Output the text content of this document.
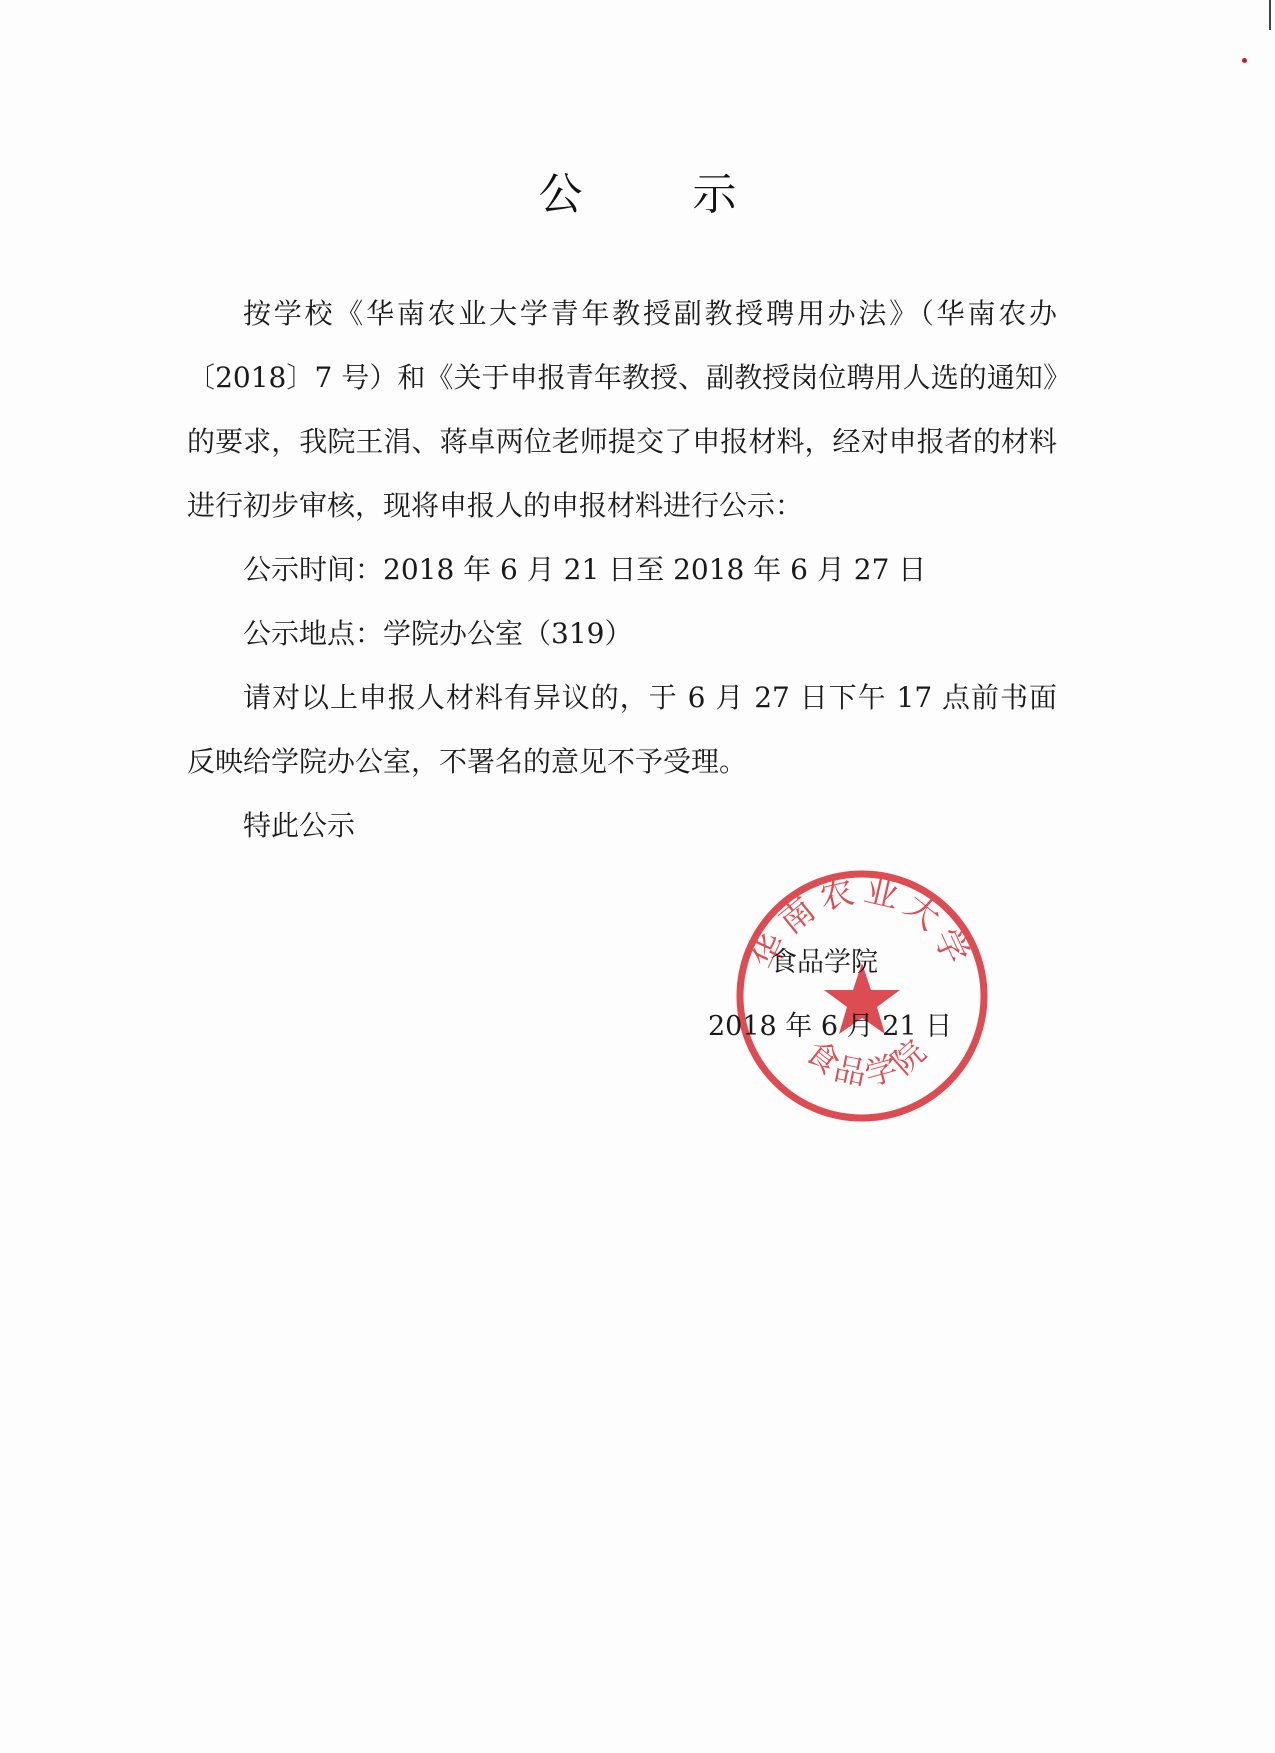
公 示

按学校《华南农业大学青年教授副教授聘用办法》（华南农办〔2018〕7 号）和《关于申报青年教授、副教授岗位聘用人选的通知》的要求，我院王涓、蒋卓两位老师提交了申报材料，经对申报者的材料进行初步审核，现将申报人的申报材料进行公示：

公示时间：2018 年 6 月 21 日至 2018 年 6 月 27 日

公示地点：学院办公室（319）

请对以上申报人材料有异议的，于 6 月 27 日下午 17 点前书面反映给学院办公室，不署名的意见不予受理。

特此公示

食品学院
2018 年 6 月 21 日
华南农业大学
食品学院
